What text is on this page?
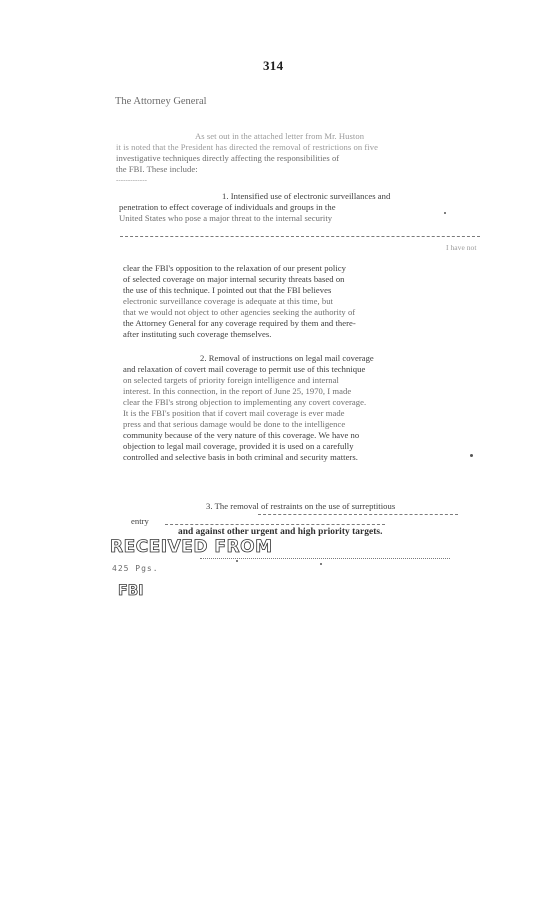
314
The Attorney General
As set out in the attached letter from Mr. Huston
it is noted that the President has directed the removal of restrictions on five
investigative techniques directly affecting the responsibilities of
the FBI. These include:
-------------
1. Intensified use of electronic surveillances and
penetration to effect coverage of individuals and groups in the
United States who pose a major threat to the internal security
I have not
clear the FBI's opposition to the relaxation of our present policy
of selected coverage on major internal security threats based on
the use of this technique. I pointed out that the FBI believes
electronic surveillance coverage is adequate at this time, but
that we would not object to other agencies seeking the authority of
the Attorney General for any coverage required by them and there-
after instituting such coverage themselves.
2. Removal of instructions on legal mail coverage
and relaxation of covert mail coverage to permit use of this technique
on selected targets of priority foreign intelligence and internal
interest. In this connection, in the report of June 25, 1970, I made
clear the FBI's strong objection to implementing any covert coverage.
It is the FBI's position that if covert mail coverage is ever made
press and that serious damage would be done to the intelligence
community because of the very nature of this coverage. We have no
objection to legal mail coverage, provided it is used on a carefully
controlled and selective basis in both criminal and security matters.
3. The removal of restraints on the use of surreptitious
entry
and against other urgent and high priority targets.
RECEIVED FROM
425 Pgs.
FBI
